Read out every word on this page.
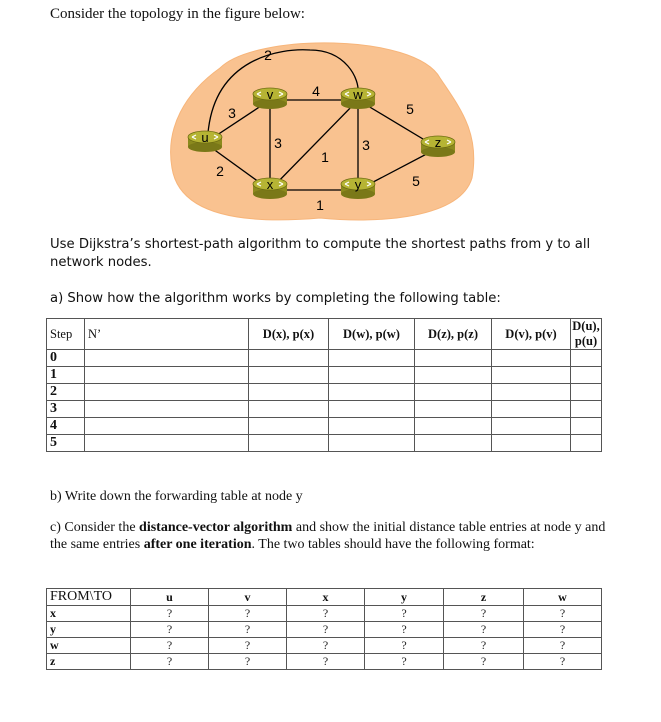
Consider the topology in the figure below:
u
v	w
x	y
z
3
2
2
4
3
1
3
5
1
5
Use Dijkstra’s shortest-path algorithm to compute the shortest paths from y to all network nodes.
a) Show how the algorithm works by completing the following table:
Step	N’	D(x), p(x)	D(w), p(w)	D(z), p(z)	D(v), p(v)	D(u), p(u)
0						
1						
2						
3						
4						
5						
b) Write down the forwarding table at node y
c) Consider the distance-vector algorithm and show the initial distance table entries at node y and the same entries after one iteration. The two tables should have the following format:
FROM\TO	u	v	x	y	z	w
x	?	?	?	?	?	?
y	?	?	?	?	?	?
w	?	?	?	?	?	?
z	?	?	?	?	?	?
